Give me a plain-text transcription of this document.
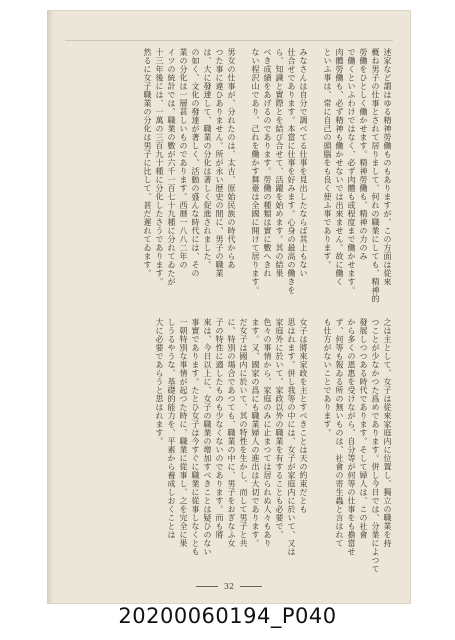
述家など謂はゆる精神勞働ものもありますが、この方面は從來
概ね男子の仕事とされて居りまして、何れの職業にしても、精神的
勞働をひとしく働かせます。精神勞働も、精神の力のみ
で働くといふわけではなく、必ず肉體も或程度まで働かせます。
肉體勞働も、必ず精神も働かせないでは出來ません。故に働く
といふ事は、常に自己の頭腦をも良く使ふ事であります。
みなさんは自分で調べてる仕事を見出したならば其上もない
仕合せであります。本當に仕事を好みます。心身の最高の働きを
ら、知識と實際とを結び合せて、活躍を始めます。其の結果
べき成績をあげるのであります。勞働の種類は實に數へきれ
ない程沢山であり、己れを働かす舞臺は全國に開けて居ります。
男女の仕事が、分れたのは、太古、原始民族の時代からあ
つた事に違ひありません。所が永い歴史の間に、男子の職業
は、大に發達して、職業の分化は著しく促進されました。
の如く、文化の發達が著しく、活動の盛んな時代には、その
業の分化は一層甚しいものであります。西暦一八八二年の
イツの統計では、職業の數が六千一百七十九種に分れてゐたが
十三年後には、一萬の三百九十種に分化したさうであります。
然るに女子職業の分化は男子に比して、甚だ遲れてゐます。
之は主として、女子は從來家庭内に位置し、獨立の職業を持
つことが少なかつた爲めであります。併し今日では、分業によつて
發展しつつある時代であります。そして婦人は、この社會
から多くの恩惠を受けながら、自分等が何等の仕事をも擔當せ
ず、何等も報ゐる所の無いものは、社會の寄生蟲と言はれて
も仕方がないことであります。
女子は將來家政を主とすべきことは天の約束だとも
思はれます。併し我等の中には、女子が家庭内に於いて、又は
家庭外に於いて、家政以外の職業を有することも必要で、
色々の事情から、家庭のみに止まつては居られぬ人々もあり
ます。又、國家の爲にも職業婦人の進出は大切であります。
だ女子は國内に於いて、其の特性を生かし、而して男子と共
に、特別の場合であつても、職業の中に、男子をおぎなふ女
子の特性に適したものも少なくないのであります。而も將
來は、今日以上に、女子の職業の增加すべきことは疑ひのない
事實であります。たとひ女子は今すぐに職業に從事しなくとも
一朝特別な事情が起つた時に、職業に從事し、之を完全に果
しうるやうな、基礎的能力を、平素から養成しおくことは
大に必要であらうと思はれます。
32
20200060194_P040
